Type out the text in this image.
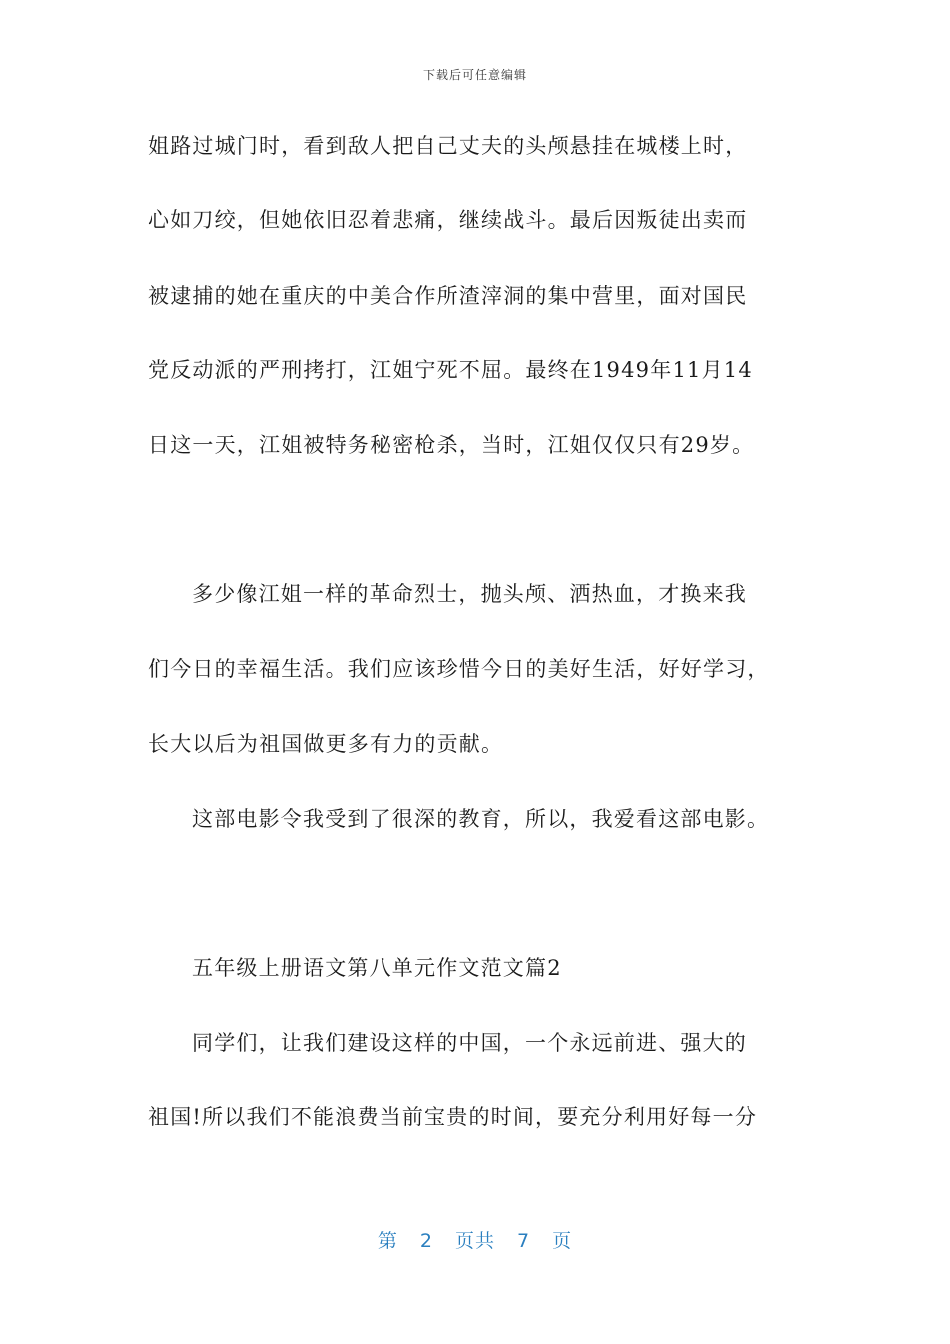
下载后可任意编辑
姐路过城门时，看到敌人把自己丈夫的头颅悬挂在城楼上时，
心如刀绞，但她依旧忍着悲痛，继续战斗。最后因叛徒出卖而
被逮捕的她在重庆的中美合作所渣滓洞的集中营里，面对国民
党反动派的严刑拷打，江姐宁死不屈。最终在1949年11月14
日这一天，江姐被特务秘密枪杀，当时，江姐仅仅只有29岁。
多少像江姐一样的革命烈士，抛头颅、洒热血，才换来我
们今日的幸福生活。我们应该珍惜今日的美好生活，好好学习，
长大以后为祖国做更多有力的贡献。
这部电影令我受到了很深的教育，所以，我爱看这部电影。
五年级上册语文第八单元作文范文篇2
同学们，让我们建设这样的中国，一个永远前进、强大的
祖国!所以我们不能浪费当前宝贵的时间，要充分利用好每一分
第 2 页共 7 页
